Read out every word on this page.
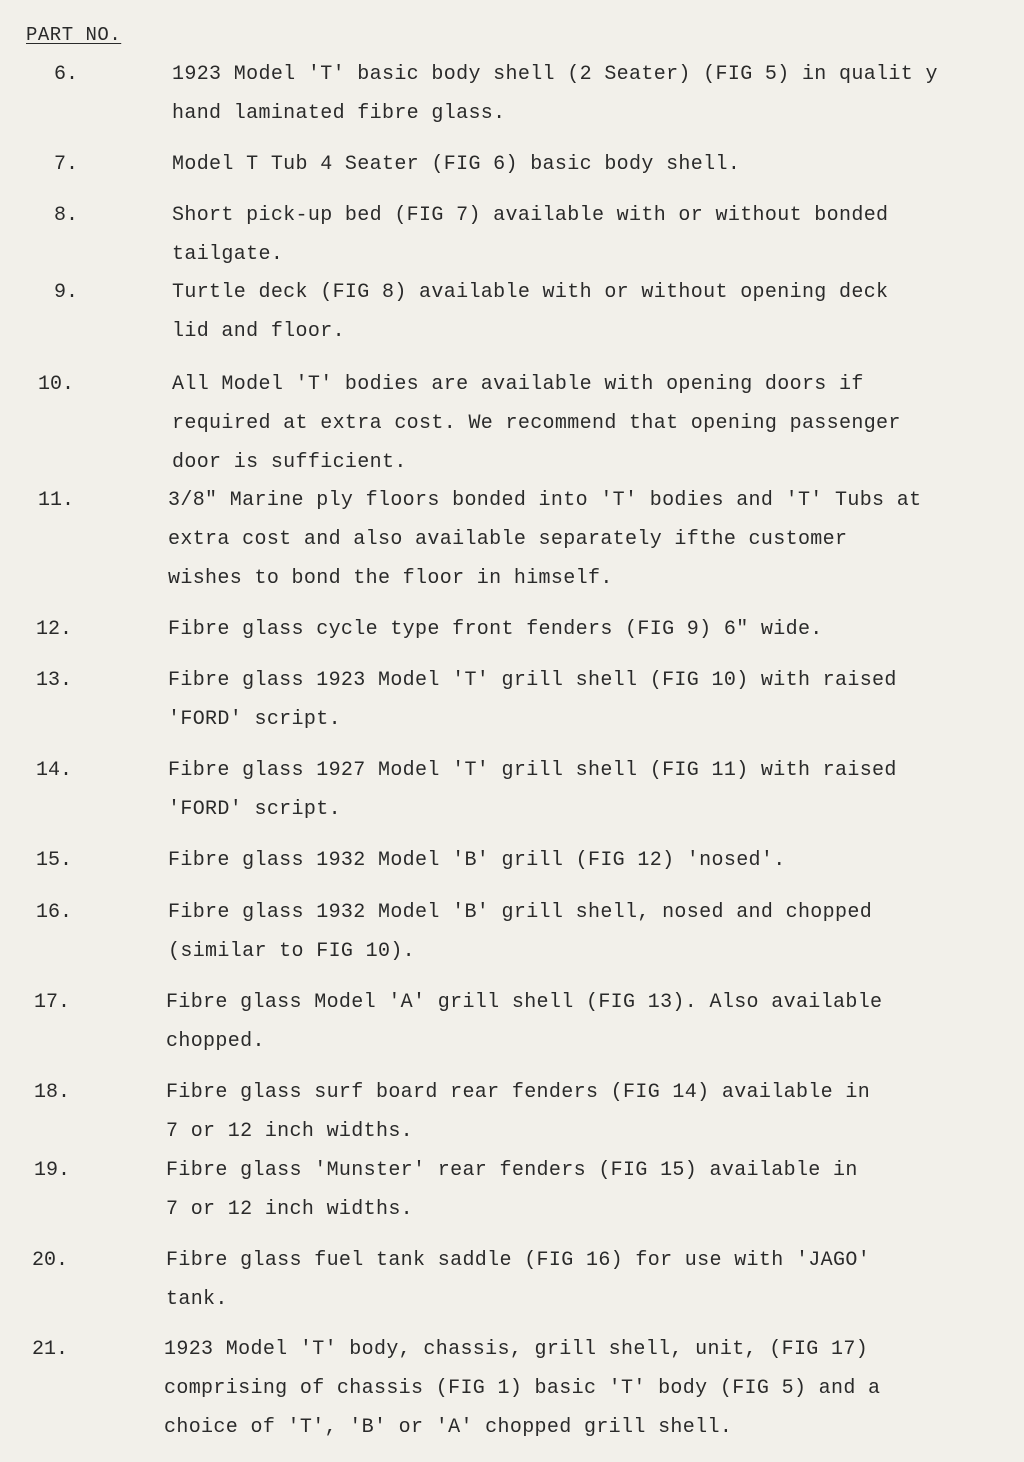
PART NO.
6.	1923 Model 'T' basic body shell (2 Seater) (FIG 5) in qualit y
hand laminated fibre glass.
7.	Model T Tub 4 Seater (FIG 6) basic body shell.
8.	Short pick-up bed (FIG 7) available with or without bonded
tailgate.
9.	Turtle deck (FIG 8) available with or without opening deck
lid and floor.
10.	All Model 'T' bodies are available with opening doors if
required at extra cost. We recommend that opening passenger
door is sufficient.
11.	3/8" Marine ply floors bonded into 'T' bodies and 'T' Tubs at
extra cost and also available separately ifthe customer
wishes to bond the floor in himself.
12.	Fibre glass cycle type front fenders (FIG 9) 6" wide.
13.	Fibre glass 1923 Model 'T' grill shell (FIG 10) with raised
'FORD' script.
14.	Fibre glass 1927 Model 'T' grill shell (FIG 11) with raised
'FORD' script.
15.	Fibre glass 1932 Model 'B' grill (FIG 12) 'nosed'.
16.	Fibre glass 1932 Model 'B' grill shell, nosed and chopped
(similar to FIG 10).
17.	Fibre glass Model 'A' grill shell (FIG 13). Also available
chopped.
18.	Fibre glass surf board rear fenders (FIG 14) available in
7 or 12 inch widths.
19.	Fibre glass 'Munster' rear fenders (FIG 15) available in
7 or 12 inch widths.
20.	Fibre glass fuel tank saddle (FIG 16) for use with 'JAGO'
tank.
21.	1923 Model 'T' body, chassis, grill shell, unit, (FIG 17)
comprising of chassis (FIG 1) basic 'T' body (FIG 5) and a
choice of 'T', 'B' or 'A' chopped grill shell.
